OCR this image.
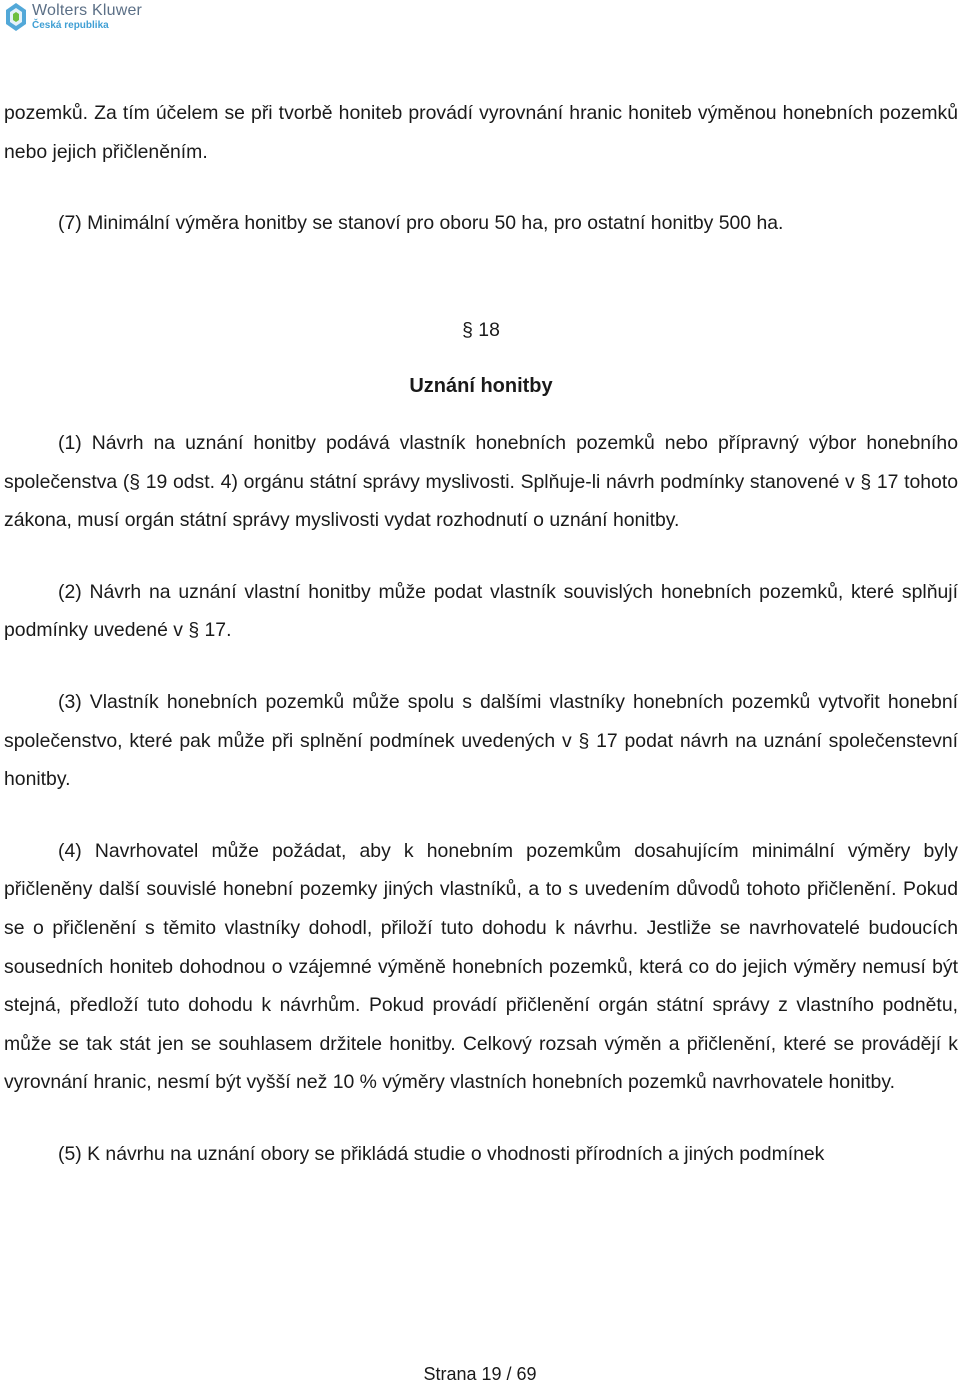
Wolters Kluwer
Česká republika

pozemků. Za tím účelem se při tvorbě honiteb provádí vyrovnání hranic honiteb výměnou honebních pozemků nebo jejich přičleněním.

(7) Minimální výměra honitby se stanoví pro oboru 50 ha, pro ostatní honitby 500 ha.

§ 18
Uznání honitby

(1) Návrh na uznání honitby podává vlastník honebních pozemků nebo přípravný výbor honebního společenstva (§ 19 odst. 4) orgánu státní správy myslivosti. Splňuje-li návrh podmínky stanovené v § 17 tohoto zákona, musí orgán státní správy myslivosti vydat rozhodnutí o uznání honitby.

(2) Návrh na uznání vlastní honitby může podat vlastník souvislých honebních pozemků, které splňují podmínky uvedené v § 17.

(3) Vlastník honebních pozemků může spolu s dalšími vlastníky honebních pozemků vytvořit honební společenstvo, které pak může při splnění podmínek uvedených v § 17 podat návrh na uznání společenstevní honitby.

(4) Navrhovatel může požádat, aby k honebním pozemkům dosahujícím minimální výměry byly přičleněny další souvislé honební pozemky jiných vlastníků, a to s uvedením důvodů tohoto přičlenění. Pokud se o přičlenění s těmito vlastníky dohodl, přiloží tuto dohodu k návrhu. Jestliže se navrhovatelé budoucích sousedních honiteb dohodnou o vzájemné výměně honebních pozemků, která co do jejich výměry nemusí být stejná, předloží tuto dohodu k návrhům. Pokud provádí přičlenění orgán státní správy z vlastního podnětu, může se tak stát jen se souhlasem držitele honitby. Celkový rozsah výměn a přičlenění, které se provádějí k vyrovnání hranic, nesmí být vyšší než 10 % výměry vlastních honebních pozemků navrhovatele honitby.

(5) K návrhu na uznání obory se přikládá studie o vhodnosti přírodních a jiných podmínek

Strana 19 / 69
